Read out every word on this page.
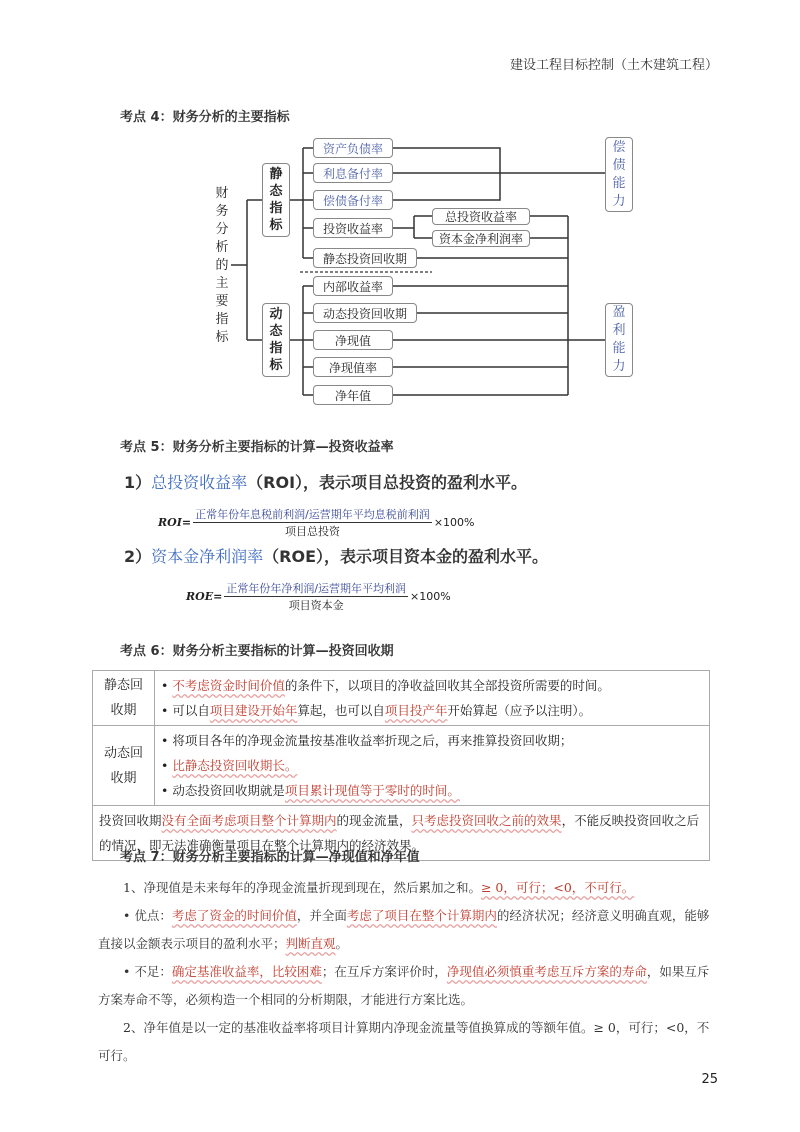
建设工程目标控制（土木建筑工程）
考点 4：财务分析的主要指标
财务分析的主要指标
静态指标
动态指标
资产负债率
利息备付率
偿债备付率
投资收益率
静态投资回收期
内部收益率
动态投资回收期
净现值
净现值率
净年值
总投资收益率
资本金净利润率
偿债能力
盈利能力
考点 5：财务分析主要指标的计算—投资收益率
1）总投资收益率（ROI），表示项目总投资的盈利水平。
$ROI= \frac{\text{正常年份年息税前利润/运营期年平均息税前利润}}{\text{项目总投资}} \times 100\%$
2）资本金净利润率（ROE），表示项目资本金的盈利水平。
$ROE= \frac{\text{正常年份年净利润/运营期年平均利润}}{\text{项目资本金}} \times 100\%$
考点 6：财务分析主要指标的计算—投资回收期
静态回收期	• 不考虑资金时间价值的条件下，以项目的净收益回收其全部投资所需要的时间。
• 可以自项目建设开始年算起，也可以自项目投产年开始算起（应予以注明）。

动态回收期	• 将项目各年的净现金流量按基准收益率折现之后，再来推算投资回收期；
• 比静态投资回收期长。
• 动态投资回收期就是项目累计现值等于零时的时间。

投资回收期没有全面考虑项目整个计算期内的现金流量，只考虑投资回收之前的效果，不能反映投资回收之后的情况，即无法准确衡量项目在整个计算期内的经济效果。	
考点 7：财务分析主要指标的计算—净现值和净年值
1、净现值是未来每年的净现金流量折现到现在，然后累加之和。≥ 0，可行；<0，不可行。
• 优点：考虑了资金的时间价值，并全面考虑了项目在整个计算期内的经济状况；经济意义明确直观，能够直接以金额表示项目的盈利水平；判断直观。
• 不足：确定基准收益率，比较困难；在互斥方案评价时，净现值必须慎重考虑互斥方案的寿命，如果互斥方案寿命不等，必须构造一个相同的分析期限，才能进行方案比选。
2、净年值是以一定的基准收益率将项目计算期内净现金流量等值换算成的等额年值。≥ 0，可行；<0，不可行。
25
